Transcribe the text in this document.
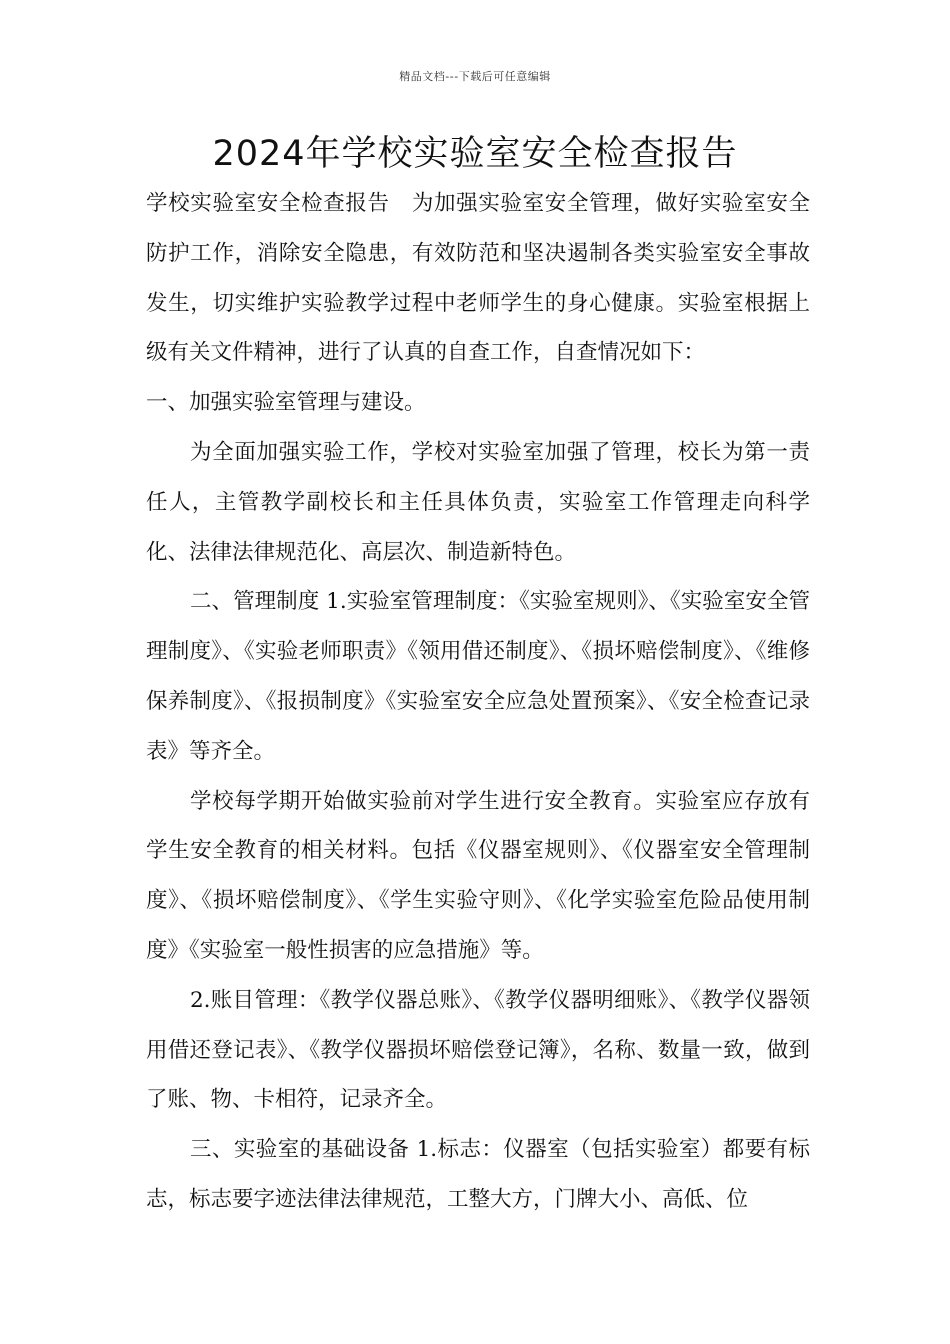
精品文档---下载后可任意编辑
2024年学校实验室安全检查报告

学校实验室安全检查报告　为加强实验室安全管理，做好实验室安全防护工作，消除安全隐患，有效防范和坚决遏制各类实验室安全事故发生，切实维护实验教学过程中老师学生的身心健康。实验室根据上级有关文件精神，进行了认真的自查工作，自查情况如下：

一、加强实验室管理与建设。

为全面加强实验工作，学校对实验室加强了管理，校长为第一责任人，主管教学副校长和主任具体负责，实验室工作管理走向科学化、法律法律规范化、高层次、制造新特色。

二、管理制度 1.实验室管理制度：《实验室规则》、《实验室安全管理制度》、《实验老师职责》《领用借还制度》、《损坏赔偿制度》、《维修保养制度》、《报损制度》《实验室安全应急处置预案》、《安全检查记录表》等齐全。

学校每学期开始做实验前对学生进行安全教育。实验室应存放有学生安全教育的相关材料。包括《仪器室规则》、《仪器室安全管理制度》、《损坏赔偿制度》、《学生实验守则》、《化学实验室危险品使用制度》《实验室一般性损害的应急措施》等。

2.账目管理：《教学仪器总账》、《教学仪器明细账》、《教学仪器领用借还登记表》、《教学仪器损坏赔偿登记簿》，名称、数量一致，做到了账、物、卡相符，记录齐全。

三、实验室的基础设备 1.标志：仪器室（包括实验室）都要有标志，标志要字迹法律法律规范，工整大方，门牌大小、高低、位
